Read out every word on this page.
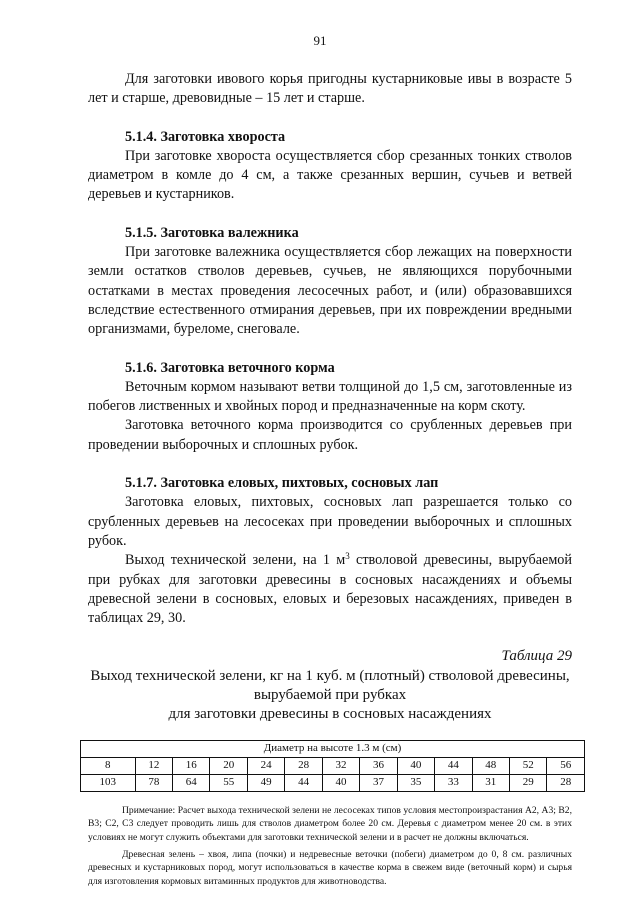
91

Для заготовки ивового корья пригодны кустарниковые ивы в возрасте 5 лет и старше, древовидные – 15 лет и старше.

5.1.4. Заготовка хвороста

При заготовке хвороста осуществляется сбор срезанных тонких стволов диаметром в комле до 4 см, а также срезанных вершин, сучьев и ветвей деревьев и кустарников.

5.1.5. Заготовка валежника

При заготовке валежника осуществляется сбор лежащих на поверхности земли остатков стволов деревьев, сучьев, не являющихся порубочными остатками в местах проведения лесосечных работ, и (или) образовавшихся вследствие естественного отмирания деревьев, при их повреждении вредными организмами, буреломе, снеговале.

5.1.6. Заготовка веточного корма

Веточным кормом называют ветви толщиной до 1,5 см, заготовленные из побегов лиственных и хвойных пород и предназначенные на корм скоту.

Заготовка веточного корма производится со срубленных деревьев при проведении выборочных и сплошных рубок.

5.1.7. Заготовка еловых, пихтовых, сосновых лап

Заготовка еловых, пихтовых, сосновых лап разрешается только со срубленных деревьев на лесосеках при проведении выборочных и сплошных рубок.

Выход технической зелени, на 1 $м^3$ стволовой древесины, вырубаемой при рубках для заготовки древесины в сосновых насаждениях и объемы древесной зелени в сосновых, еловых и березовых насаждениях, приведен в таблицах 29, 30.

Таблица 29
Выход технической зелени, кг на 1 куб. м (плотный) стволовой древесины,
вырубаемой при рубках
для заготовки древесины в сосновых насаждениях
Диаметр на высоте 1.3 м (см)												
8	12	16	20	24	28	32	36	40	44	48	52	56
103	78	64	55	49	44	40	37	35	33	31	29	28

Примечание: Расчет выхода технической зелени не лесосеках типов условия местопроизрастания А2, А3; В2, В3; С2, С3 следует проводить лишь для стволов диаметром более 20 см. Деревья с диаметром менее 20 см. в этих условиях не могут служить объектами для заготовки технической зелени и в расчет не должны включаться.

Древесная зелень – хвоя, липа (почки) и недревесные веточки (побеги) диаметром до 0, 8 см. различных древесных и кустарниковых пород, могут использоваться в качестве корма в свежем виде (веточный корм) и сырья для изготовления кормовых витаминных продуктов для животноводства.
